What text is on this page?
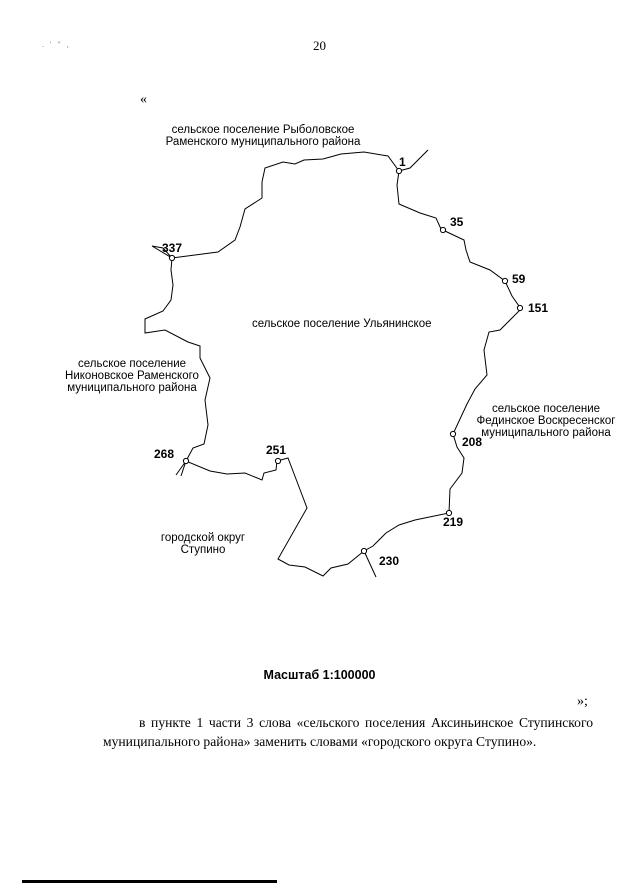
. ' " ,	20
«
1
35
59
151
208
219
230
251
268
337
сельское поселение Рыболовское
Раменского муниципального района
сельское поселение Ульянинское
сельское поселение
Никоновское Раменского
муниципального района
сельское поселение
Фединское Воскресенског
муниципального района
городской округ
Ступино
Масштаб 1:100000
»;
в пункте 1 части 3 слова «сельского поселения Аксиньинское Ступинского муниципального района» заменить словами «городского округа Ступино».
